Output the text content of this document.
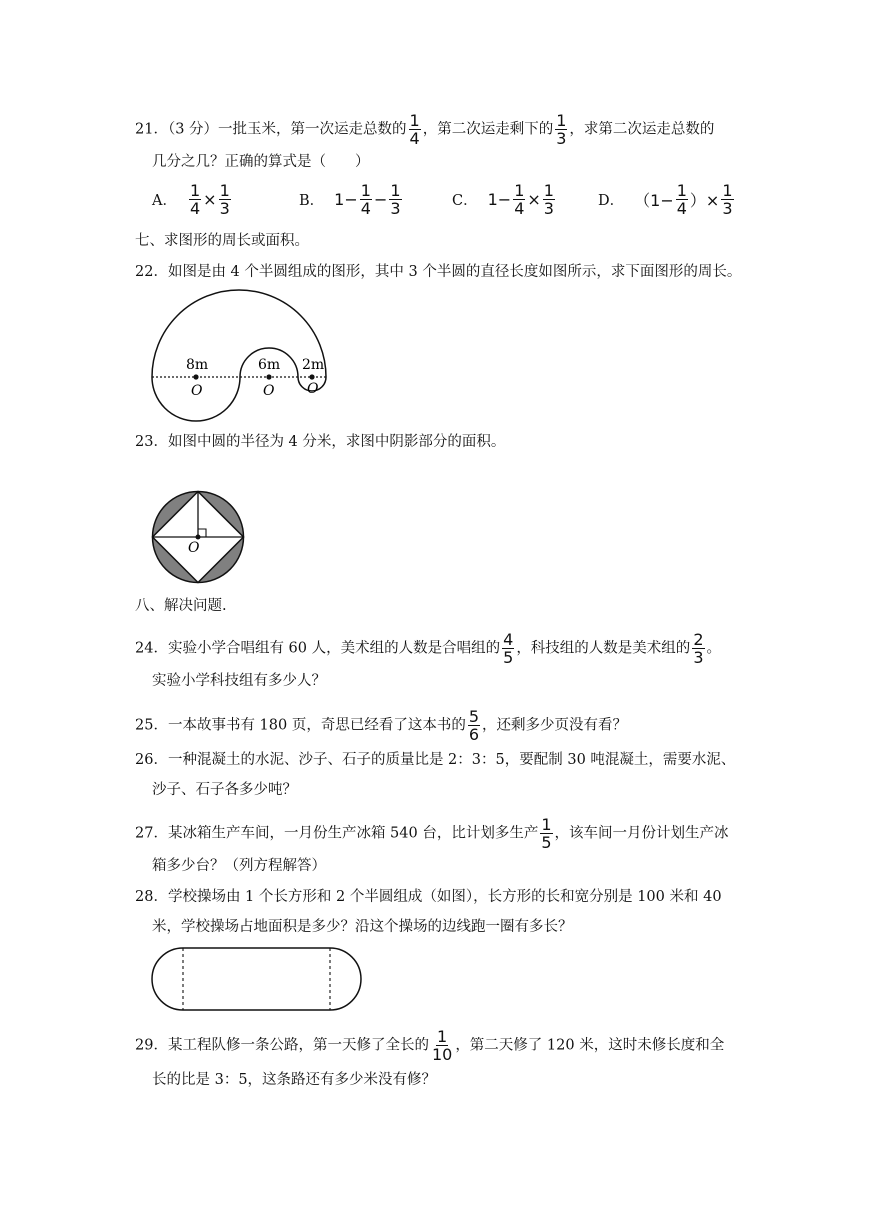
21．（3 分）一批玉米，第一次运走总数的 $\frac{1}{4}$ ，第二次运走剩下的 $\frac{1}{3}$ ，求第二次运走总数的
几分之几？正确的算式是（　　）
A． $\frac{1}{4} \times \frac{1}{3}$	B． $1- \frac{1}{4} - \frac{1}{3}$	C． $1- \frac{1}{4} \times \frac{1}{3}$	D． （$1- \frac{1}{4}$ ）× $\frac{1}{3}$
七、求图形的周长或面积。
22．如图是由 4 个半圆组成的图形，其中 3 个半圆的直径长度如图所示，求下面图形的周长。
8m	6m 2m
O	O O
23．如图中圆的半径为 4 分米，求图中阴影部分的面积。
O
八、解决问题.
24．实验小学合唱组有 60 人，美术组的人数是合唱组的 $\frac{4}{5}$ ，科技组的人数是美术组的 $\frac{2}{3}$ 。
实验小学科技组有多少人？
25．一本故事书有 180 页，奇思已经看了这本书的 $\frac{5}{6}$ ，还剩多少页没有看？
26．一种混凝土的水泥、沙子、石子的质量比是 2：3：5，要配制 30 吨混凝土，需要水泥、
沙子、石子各多少吨？
27．某冰箱生产车间，一月份生产冰箱 540 台，比计划多生产 $\frac{1}{5}$ ，该车间一月份计划生产冰
箱多少台？（列方程解答）
28．学校操场由 1 个长方形和 2 个半圆组成（如图），长方形的长和宽分别是 100 米和 40
米，学校操场占地面积是多少？沿这个操场的边线跑一圈有多长？
29．某工程队修一条公路，第一天修了全长的 $\frac{1}{10}$ ，第二天修了 120 米，这时未修长度和全
长的比是 3：5，这条路还有多少米没有修？
